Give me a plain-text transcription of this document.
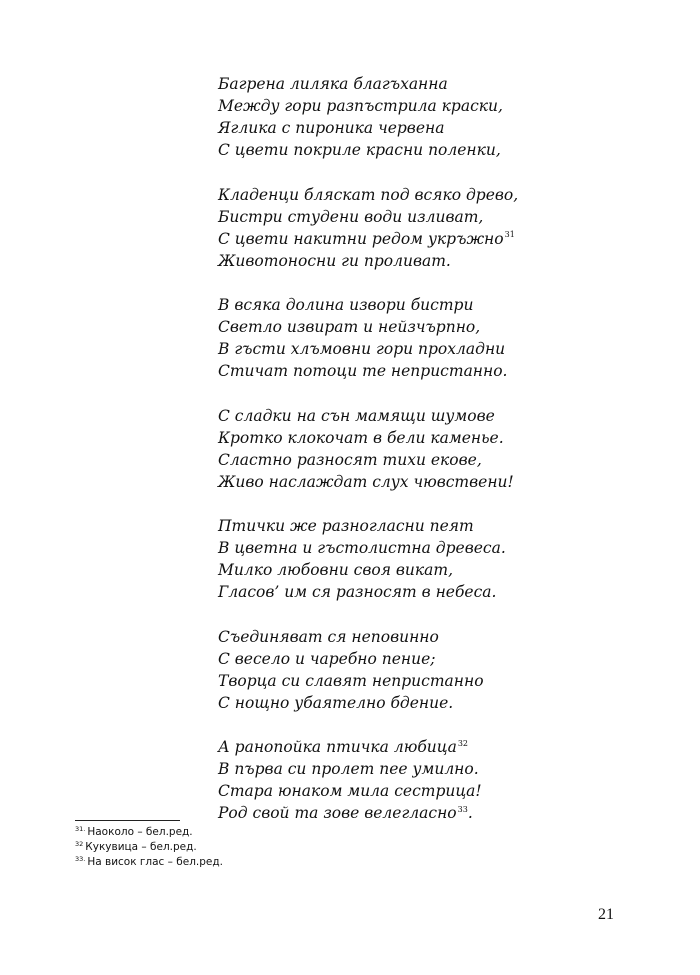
Багрена лиляка благъханна
Между гори разпъстрила краски,
Яглика с пироника червена
С цвети покриле красни поленки,
Кладенци бляскат под всяко древо,
Бистри студени води изливат,
С цвети накитни редом укръжно$^{31}$
Животоносни ги проливат.
В всяка долина извори бистри
Светло извират и нейзчърпно,
В гъсти хлъмовни гори прохладни
Стичат потоци те непристанно.
С сладки на сън мамящи шумове
Кротко клокочат в бели каменье.
Сластно разносят тихи екове,
Живо наслаждат слух чювствени!
Птички же разногласни пеят
В цветна и гъстолистна древеса.
Милко любовни своя викат,
Гласов’ им ся разносят в небеса.
Съединяват ся неповинно
С весело и чаребно пение;
Творца си славят непристанно
С нощно убаятелно бдение.
А ранопойка птичка любица$^{32}$
В първа си пролет пее умилно.
Стара юнаком мила сестрица!
Род свой та зове велегласно$^{33}$.
$^{31.}$ Наоколо – бел.ред.
$^{32}$ Кукувица – бел.ред.
$^{33.}$ На висок глас – бел.ред.
21
